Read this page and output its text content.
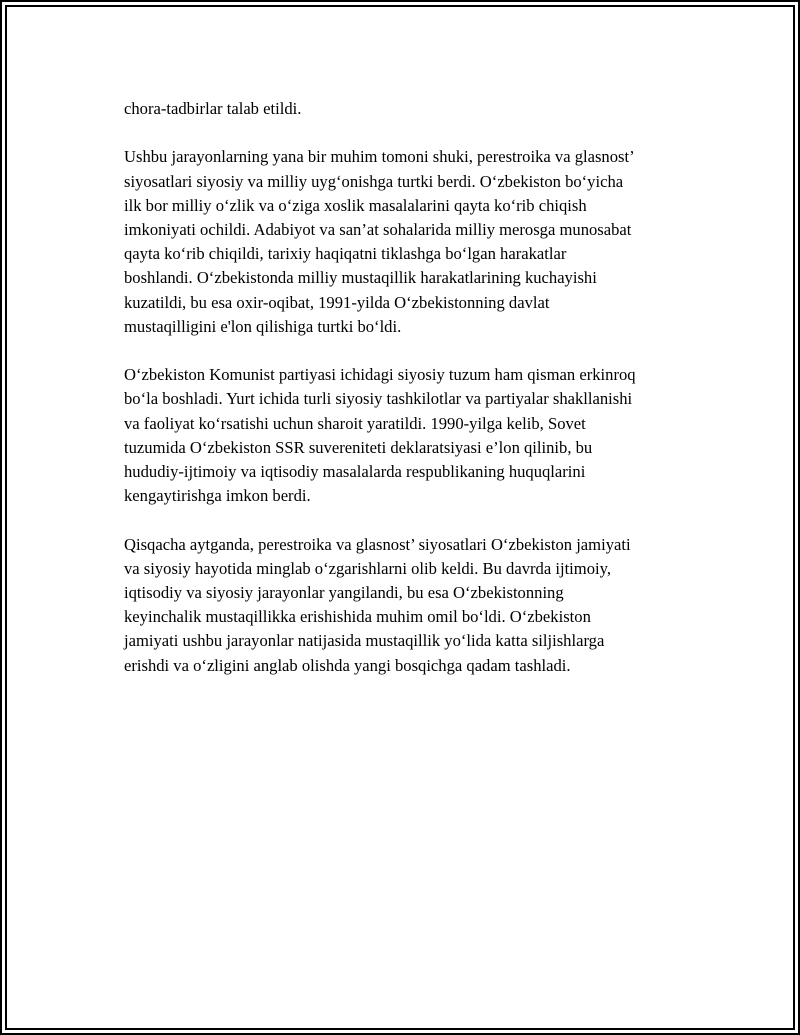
chora-tadbirlar talab etildi.

Ushbu jarayonlarning yana bir muhim tomoni shuki, perestroika va glasnost’
siyosatlari siyosiy va milliy uyg‘onishga turtki berdi. O‘zbekiston bo‘yicha
ilk bor milliy o‘zlik va o‘ziga xoslik masalalarini qayta ko‘rib chiqish
imkoniyati ochildi. Adabiyot va san’at sohalarida milliy merosga munosabat
qayta ko‘rib chiqildi, tarixiy haqiqatni tiklashga bo‘lgan harakatlar
boshlandi. O‘zbekistonda milliy mustaqillik harakatlarining kuchayishi
kuzatildi, bu esa oxir-oqibat, 1991-yilda O‘zbekistonning davlat
mustaqilligini e'lon qilishiga turtki bo‘ldi.

O‘zbekiston Komunist partiyasi ichidagi siyosiy tuzum ham qisman erkinroq
bo‘la boshladi. Yurt ichida turli siyosiy tashkilotlar va partiyalar shakllanishi
va faoliyat ko‘rsatishi uchun sharoit yaratildi. 1990-yilga kelib, Sovet
tuzumida O‘zbekiston SSR suvereniteti deklaratsiyasi e’lon qilinib, bu
hududiy-ijtimoiy va iqtisodiy masalalarda respublikaning huquqlarini
kengaytirishga imkon berdi.

Qisqacha aytganda, perestroika va glasnost’ siyosatlari O‘zbekiston jamiyati
va siyosiy hayotida minglab o‘zgarishlarni olib keldi. Bu davrda ijtimoiy,
iqtisodiy va siyosiy jarayonlar yangilandi, bu esa O‘zbekistonning
keyinchalik mustaqillikka erishishida muhim omil bo‘ldi. O‘zbekiston
jamiyati ushbu jarayonlar natijasida mustaqillik yo‘lida katta siljishlarga
erishdi va o‘zligini anglab olishda yangi bosqichga qadam tashladi.
